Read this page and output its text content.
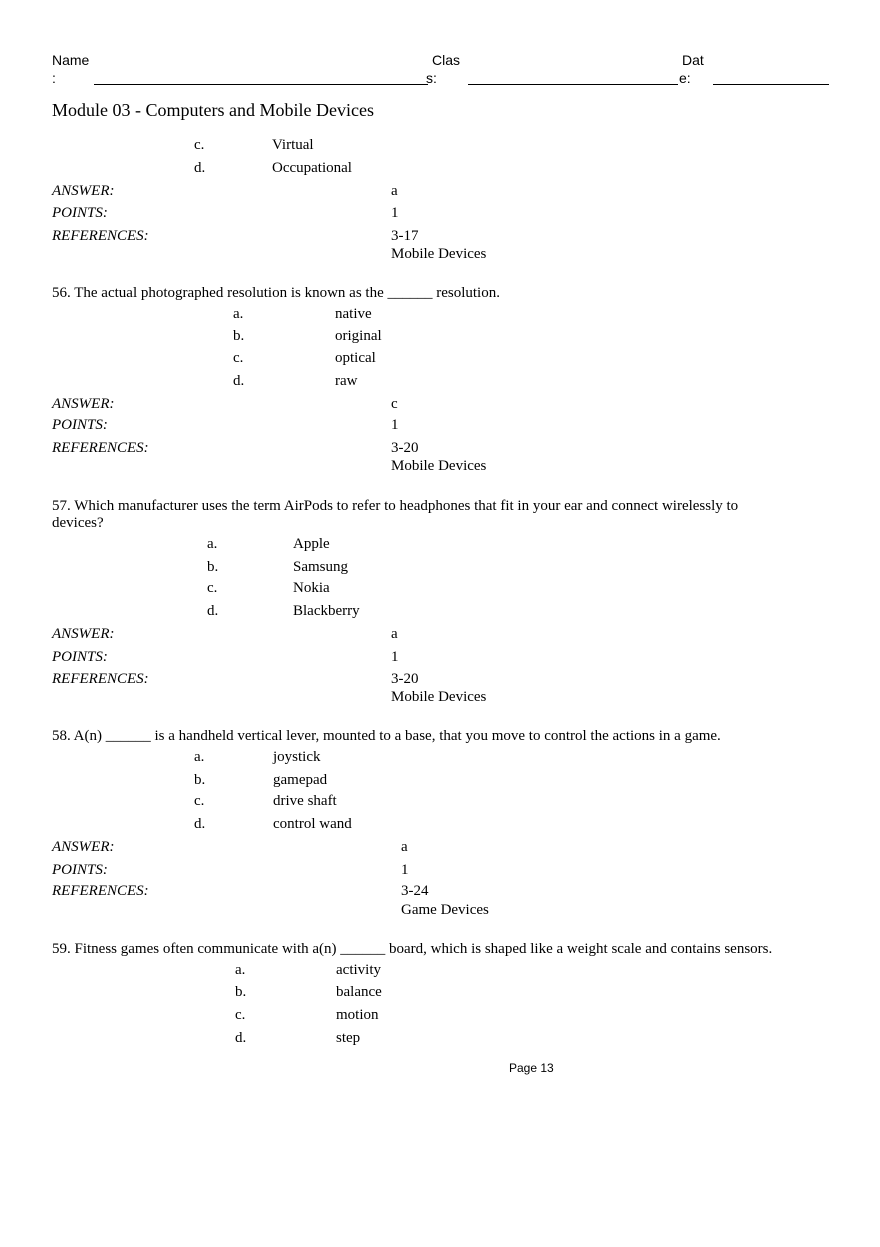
Name
:
Clas
s:
Dat
e:
Module 03 - Computers and Mobile Devices
c.	Virtual
d.	Occupational
ANSWER:	a
POINTS:	1
REFERENCES:	3-17
Mobile Devices
56. The actual photographed resolution is known as the ______ resolution.
a.	native
b.	original
c.	optical
d.	raw
ANSWER:	c
POINTS:	1
REFERENCES:	3-20
Mobile Devices
57. Which manufacturer uses the term AirPods to refer to headphones that fit in your ear and connect wirelessly to
devices?
a.	Apple
b.	Samsung
c.	Nokia
d.	Blackberry
ANSWER:	a
POINTS:	1
REFERENCES:	3-20
Mobile Devices
58. A(n) ______ is a handheld vertical lever, mounted to a base, that you move to control the actions in a game.
a.	joystick
b.	gamepad
c.	drive shaft
d.	control wand
ANSWER:	a
POINTS:	1
REFERENCES:	3-24
Game Devices
59. Fitness games often communicate with a(n) ______ board, which is shaped like a weight scale and contains sensors.
a.	activity
b.	balance
c.	motion
d.	step
Page 13
